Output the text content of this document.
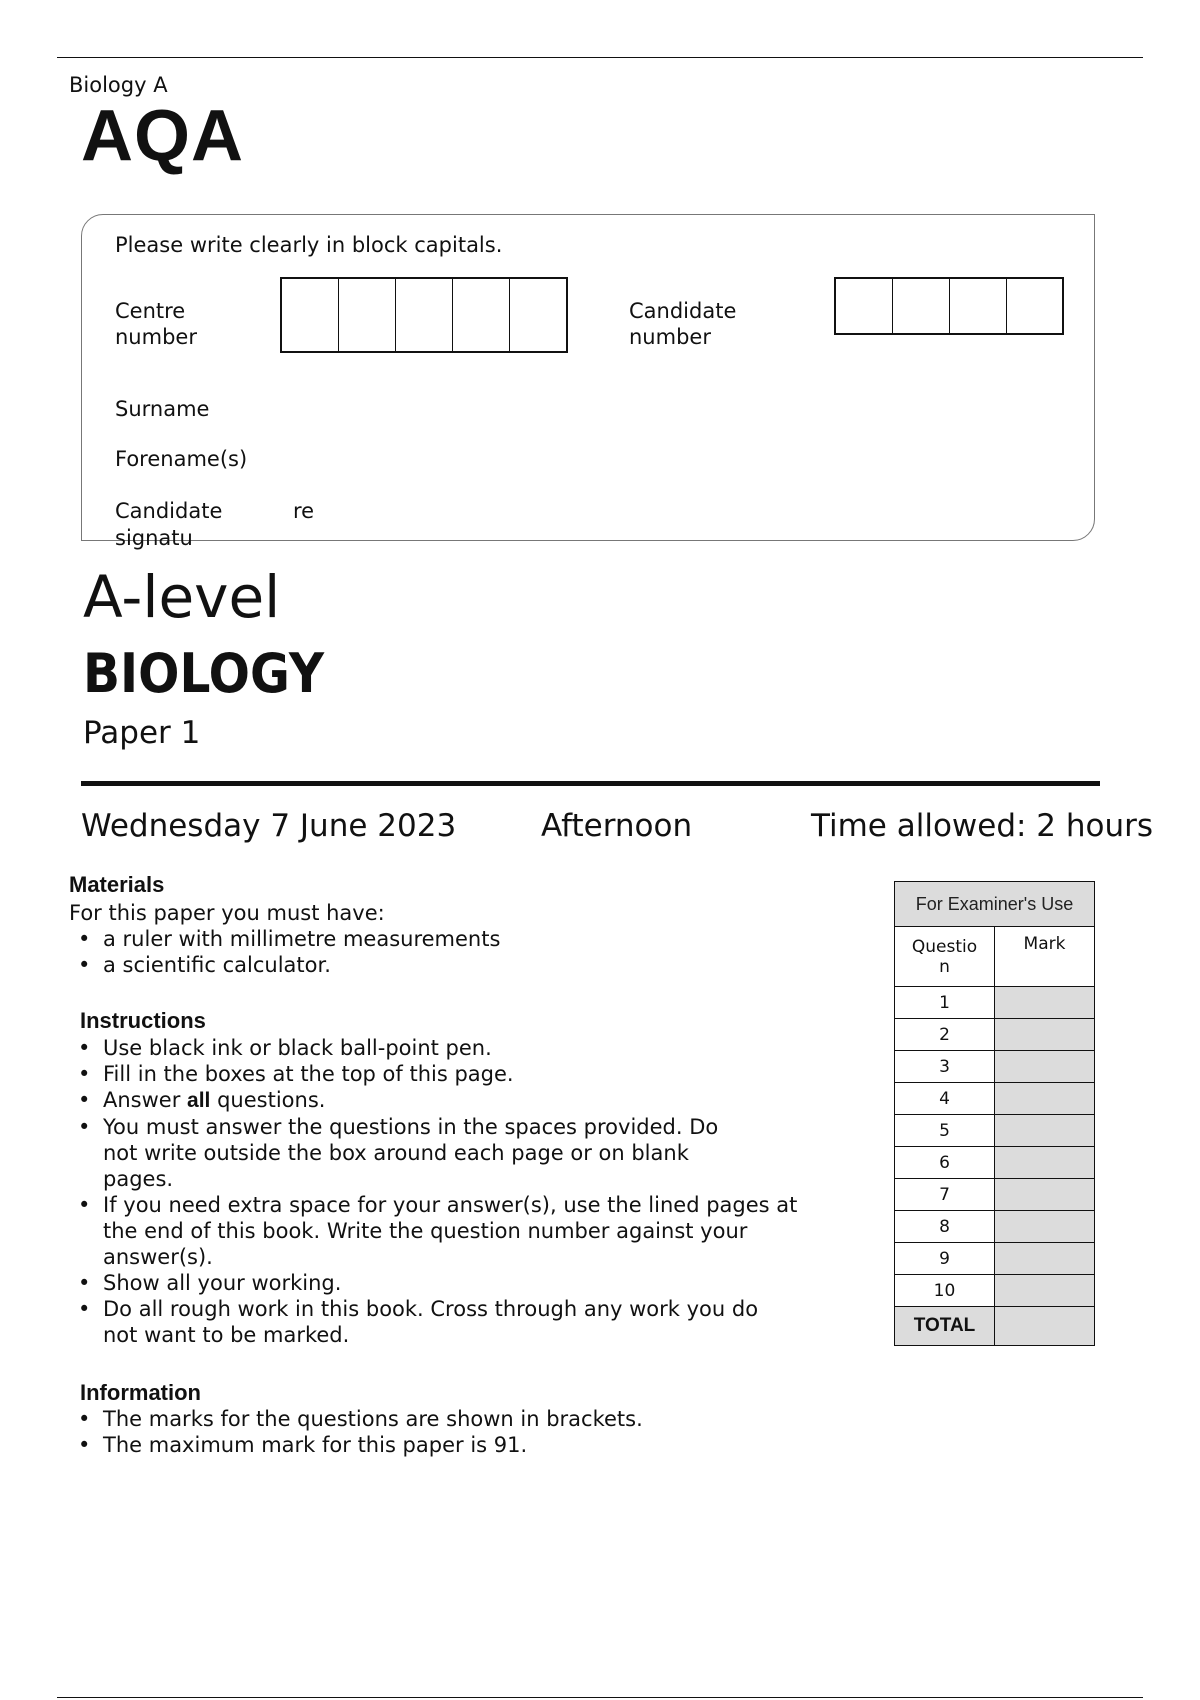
Biology A
AQA
Please write clearly in block capitals.
Centre
number
Candidate
number
Surname
Forename(s)
Candidate	re
signatu
A-level
BIOLOGY
Paper 1
Wednesday 7 June 2023	Afternoon	Time allowed: 2 hours
Materials
For this paper you must have:
• a ruler with millimetre measurements
• a scientific calculator.
Instructions
• Use black ink or black ball-point pen.
• Fill in the boxes at the top of this page.
• Answer all questions.
• You must answer the questions in the spaces provided. Do
not write outside the box around each page or on blank
pages.
• If you need extra space for your answer(s), use the lined pages at
the end of this book. Write the question number against your
answer(s).
• Show all your working.
• Do all rough work in this book. Cross through any work you do
not want to be marked.
Information
• The marks for the questions are shown in brackets.
• The maximum mark for this paper is 91.
For Examiner's Use	

Questio
n	Mark
1	
2	
3	
4	
5	
6	
7	
8	
9	
10	
TOTAL	
